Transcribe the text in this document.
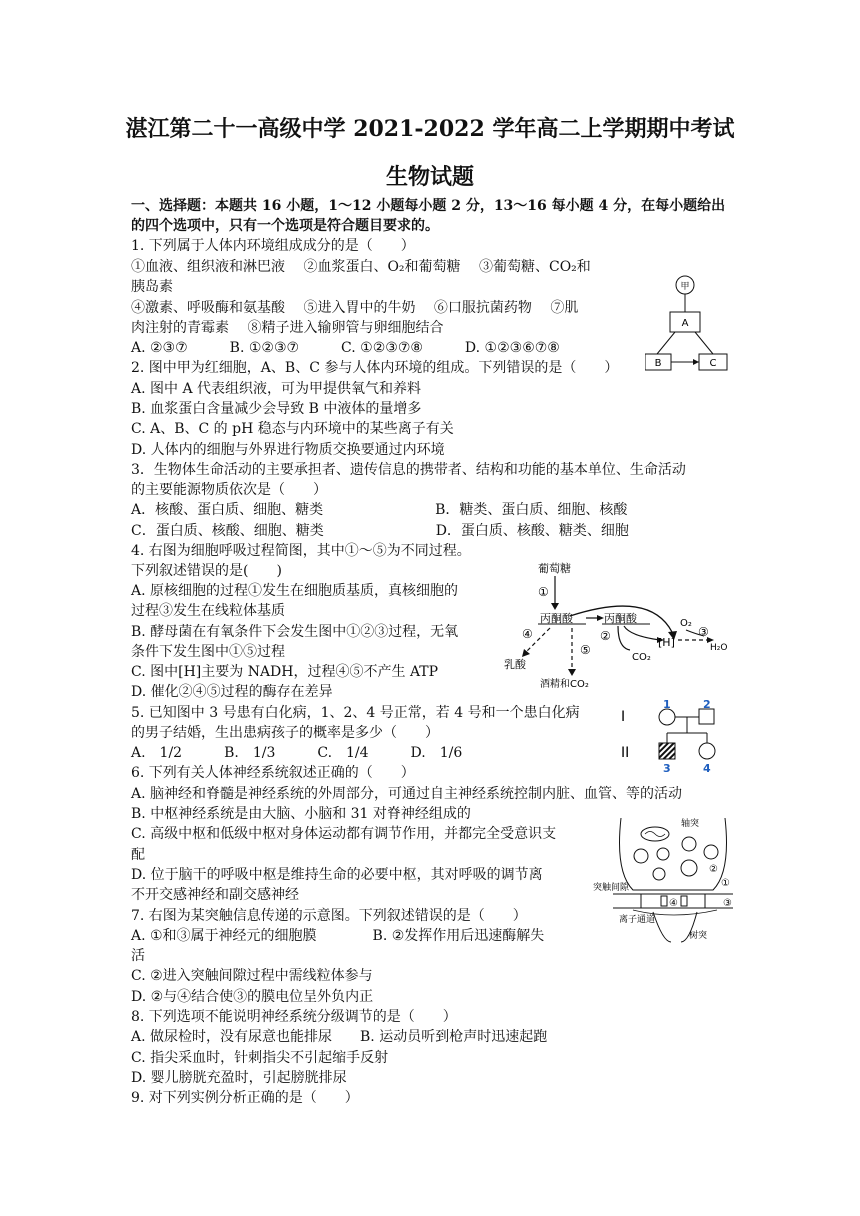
湛江第二十一高级中学 2021-2022 学年高二上学期期中考试
生物试题
一、选择题：本题共 16 小题，1～12 小题每小题 2 分，13～16 每小题 4 分，在每小题给出
的四个选项中，只有一个选项是符合题目要求的。
1. 下列属于人体内环境组成成分的是（　　）
①血液、组织液和淋巴液　 ②血浆蛋白、O₂和葡萄糖　 ③葡萄糖、CO₂和
胰岛素
④激素、呼吸酶和氨基酸　 ⑤进入胃中的牛奶　 ⑥口服抗菌药物　 ⑦肌
肉注射的青霉素　 ⑧精子进入输卵管与卵细胞结合
A. ②③⑦　　　B. ①②③⑦　　　C. ①②③⑦⑧　　　D. ①②③⑥⑦⑧
2. 图中甲为红细胞，A、B、C 参与人体内环境的组成。下列错误的是（　　）
A. 图中 A 代表组织液，可为甲提供氧气和养料
B. 血浆蛋白含量减少会导致 B 中液体的量增多
C. A、B、C 的 pH 稳态与内环境中的某些离子有关
D. 人体内的细胞与外界进行物质交换要通过内环境
3．生物体生命活动的主要承担者、遗传信息的携带者、结构和功能的基本单位、生命活动
的主要能源物质依次是（　　）
A．核酸、蛋白质、细胞、糖类　　　　　　　　B．糖类、蛋白质、细胞、核酸
C．蛋白质、核酸、细胞、糖类　　　　　　　　D．蛋白质、核酸、糖类、细胞
4. 右图为细胞呼吸过程简图，其中①～⑤为不同过程。
下列叙述错误的是(　　)
A. 原核细胞的过程①发生在细胞质基质，真核细胞的
过程③发生在线粒体基质
B. 酵母菌在有氧条件下会发生图中①②③过程，无氧
条件下发生图中①⑤过程
C. 图中[H]主要为 NADH，过程④⑤不产生 ATP
D. 催化②④⑤过程的酶存在差异
5. 已知图中 3 号患有白化病，1、2、4 号正常，若 4 号和一个患白化病
的男子结婚，生出患病孩子的概率是多少（　　）
A.　1/2　　　B.　1/3　　　C.　1/4　　　D.　1/6
6. 下列有关人体神经系统叙述正确的（　　）
A. 脑神经和脊髓是神经系统的外周部分，可通过自主神经系统控制内脏、血管、等的活动
B. 中枢神经系统是由大脑、小脑和 31 对脊神经组成的
C. 高级中枢和低级中枢对身体运动都有调节作用，并都完全受意识支
配
D. 位于脑干的呼吸中枢是维持生命的必要中枢，其对呼吸的调节离
不开交感神经和副交感神经
7. 右图为某突触信息传递的示意图。下列叙述错误的是（　　）
A. ①和③属于神经元的细胞膜　　　　B. ②发挥作用后迅速酶解失
活
C. ②进入突触间隙过程中需线粒体参与
D. ②与④结合使③的膜电位呈外负内正
8. 下列选项不能说明神经系统分级调节的是（　　）
A. 做尿检时，没有尿意也能排尿　　B. 运动员听到枪声时迅速起跑
C. 指尖采血时，针刺指尖不引起缩手反射
D. 婴儿膀胱充盈时，引起膀胱排尿
9. 对下列实例分析正确的是（　　）
甲
A
B	C
葡萄糖
①
丙酮酸	丙酮酸
②
CO₂
[H]
O₂
③
H₂O
④
乳酸
⑤
酒精和CO₂
I
II
1	2
3	4
轴突
②
突触间隙	①
③
④
离子通道
树突
